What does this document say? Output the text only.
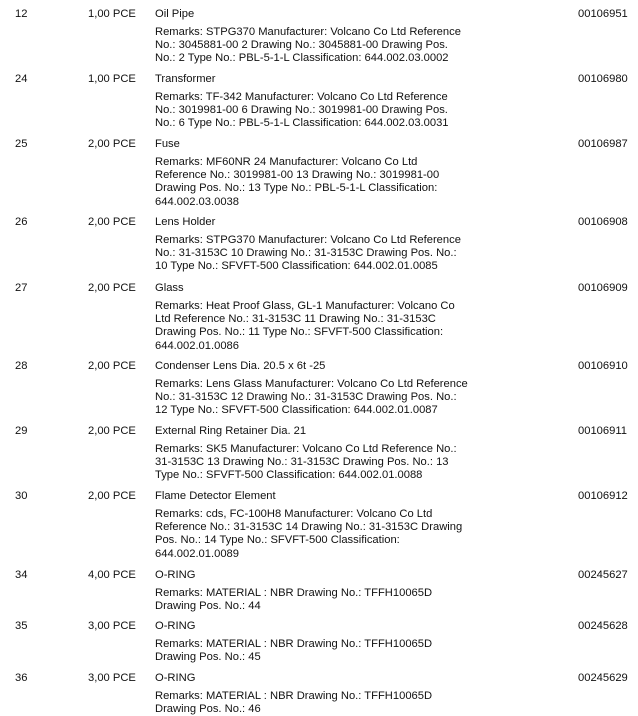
12	1,00 PCE Oil Pipe	00106951
Remarks: STPG370 Manufacturer: Volcano Co Ltd Reference
No.: 3045881-00 2 Drawing No.: 3045881-00 Drawing Pos.
No.: 2 Type No.: PBL-5-1-L Classification: 644.002.03.0002
24	1,00 PCE Transformer	00106980
Remarks: TF-342 Manufacturer: Volcano Co Ltd Reference
No.: 3019981-00 6 Drawing No.: 3019981-00 Drawing Pos.
No.: 6 Type No.: PBL-5-1-L Classification: 644.002.03.0031
25	2,00 PCE Fuse	00106987
Remarks: MF60NR 24 Manufacturer: Volcano Co Ltd
Reference No.: 3019981-00 13 Drawing No.: 3019981-00
Drawing Pos. No.: 13 Type No.: PBL-5-1-L Classification:
644.002.03.0038
26	2,00 PCE Lens Holder	00106908
Remarks: STPG370 Manufacturer: Volcano Co Ltd Reference
No.: 31-3153C 10 Drawing No.: 31-3153C Drawing Pos. No.:
10 Type No.: SFVFT-500 Classification: 644.002.01.0085
27	2,00 PCE Glass	00106909
Remarks: Heat Proof Glass, GL-1 Manufacturer: Volcano Co
Ltd Reference No.: 31-3153C 11 Drawing No.: 31-3153C
Drawing Pos. No.: 11 Type No.: SFVFT-500 Classification:
644.002.01.0086
28	2,00 PCE Condenser Lens Dia. 20.5 x 6t -25	00106910
Remarks: Lens Glass Manufacturer: Volcano Co Ltd Reference
No.: 31-3153C 12 Drawing No.: 31-3153C Drawing Pos. No.:
12 Type No.: SFVFT-500 Classification: 644.002.01.0087
29	2,00 PCE External Ring Retainer Dia. 21	00106911
Remarks: SK5 Manufacturer: Volcano Co Ltd Reference No.:
31-3153C 13 Drawing No.: 31-3153C Drawing Pos. No.: 13
Type No.: SFVFT-500 Classification: 644.002.01.0088
30	2,00 PCE Flame Detector Element	00106912
Remarks: cds, FC-100H8 Manufacturer: Volcano Co Ltd
Reference No.: 31-3153C 14 Drawing No.: 31-3153C Drawing
Pos. No.: 14 Type No.: SFVFT-500 Classification:
644.002.01.0089
34	4,00 PCE O-RING	00245627
Remarks: MATERIAL : NBR Drawing No.: TFFH10065D
Drawing Pos. No.: 44
35	3,00 PCE O-RING	00245628
Remarks: MATERIAL : NBR Drawing No.: TFFH10065D
Drawing Pos. No.: 45
36	3,00 PCE O-RING	00245629
Remarks: MATERIAL : NBR Drawing No.: TFFH10065D
Drawing Pos. No.: 46
